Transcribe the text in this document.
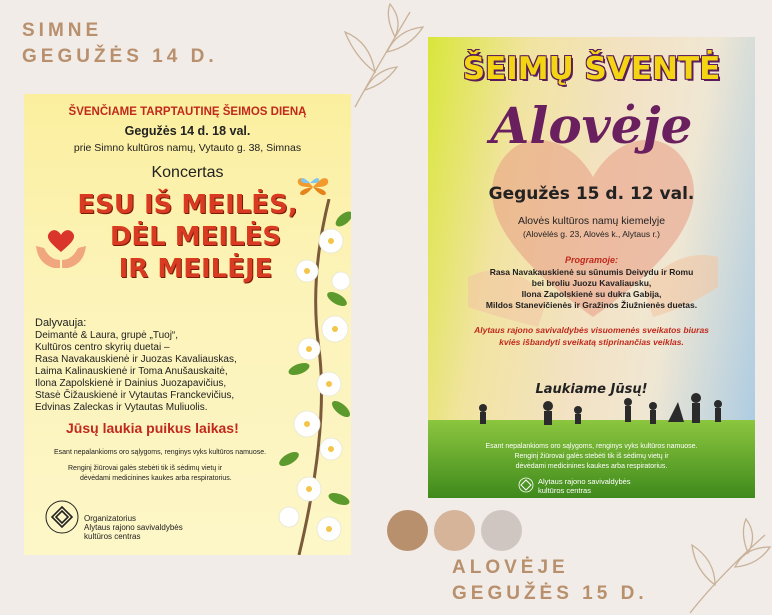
SIMNE
GEGUŽĖS 14 D.
ALOVĖJE
GEGUŽĖS 15 D.
ŠVENČIAME TARPTAUTINĘ ŠEIMOS DIENĄ
Gegužės 14 d. 18 val.
prie Simno kultūros namų, Vytauto g. 38, Simnas
Koncertas
ESU IŠ MEILĖS,
DĖL MEILĖS
IR MEILĖJE
Dalyvauja:
Deimantė & Laura, grupė „Tuoj“,
Kultūros centro skyrių duetai –
Rasa Navakauskienė ir Juozas Kavaliauskas,
Laima Kalinauskienė ir Toma Anušauskaitė,
Ilona Zapolskienė ir Dainius Juozapavičius,
Stasė Čižauskienė ir Vytautas Franckevičius,
Edvinas Zaleckas ir Vytautas Muliuolis.
Jūsų laukia puikus laikas!
Esant nepalankioms oro sąlygoms, renginys vyks kultūros namuose.
Renginį žiūrovai galės stebėti tik iš sėdimų vietų ir
dėvėdami medicinines kaukes arba respiratorius.
Organizatorius
Alytaus rajono savivaldybės
kultūros centras
ŠEIMŲ ŠVENTĖ
Alovėje
Gegužės 15 d. 12 val.
Alovės kultūros namų kiemelyje
(Alovėlės g. 23, Alovės k., Alytaus r.)
Programoje:
Rasa Navakauskienė su sūnumis Deivydu ir Romu
bei broliu Juozu Kavaliausku,
Ilona Zapolskienė su dukra Gabija,
Mildos Stanevičienės ir Gražinos Žiužnienės duetas.
Alytaus rajono savivaldybės visuomenės sveikatos biuras
kviės išbandyti sveikatą stiprinančias veiklas.
Laukiame Jūsų!
Esant nepalankioms oro sąlygoms, renginys vyks kultūros namuose.
Renginį žiūrovai galės stebėti tik iš sėdimų vietų ir
dėvėdami medicinines kaukes arba respiratorius.
Alytaus rajono savivaldybės
kultūros centras
